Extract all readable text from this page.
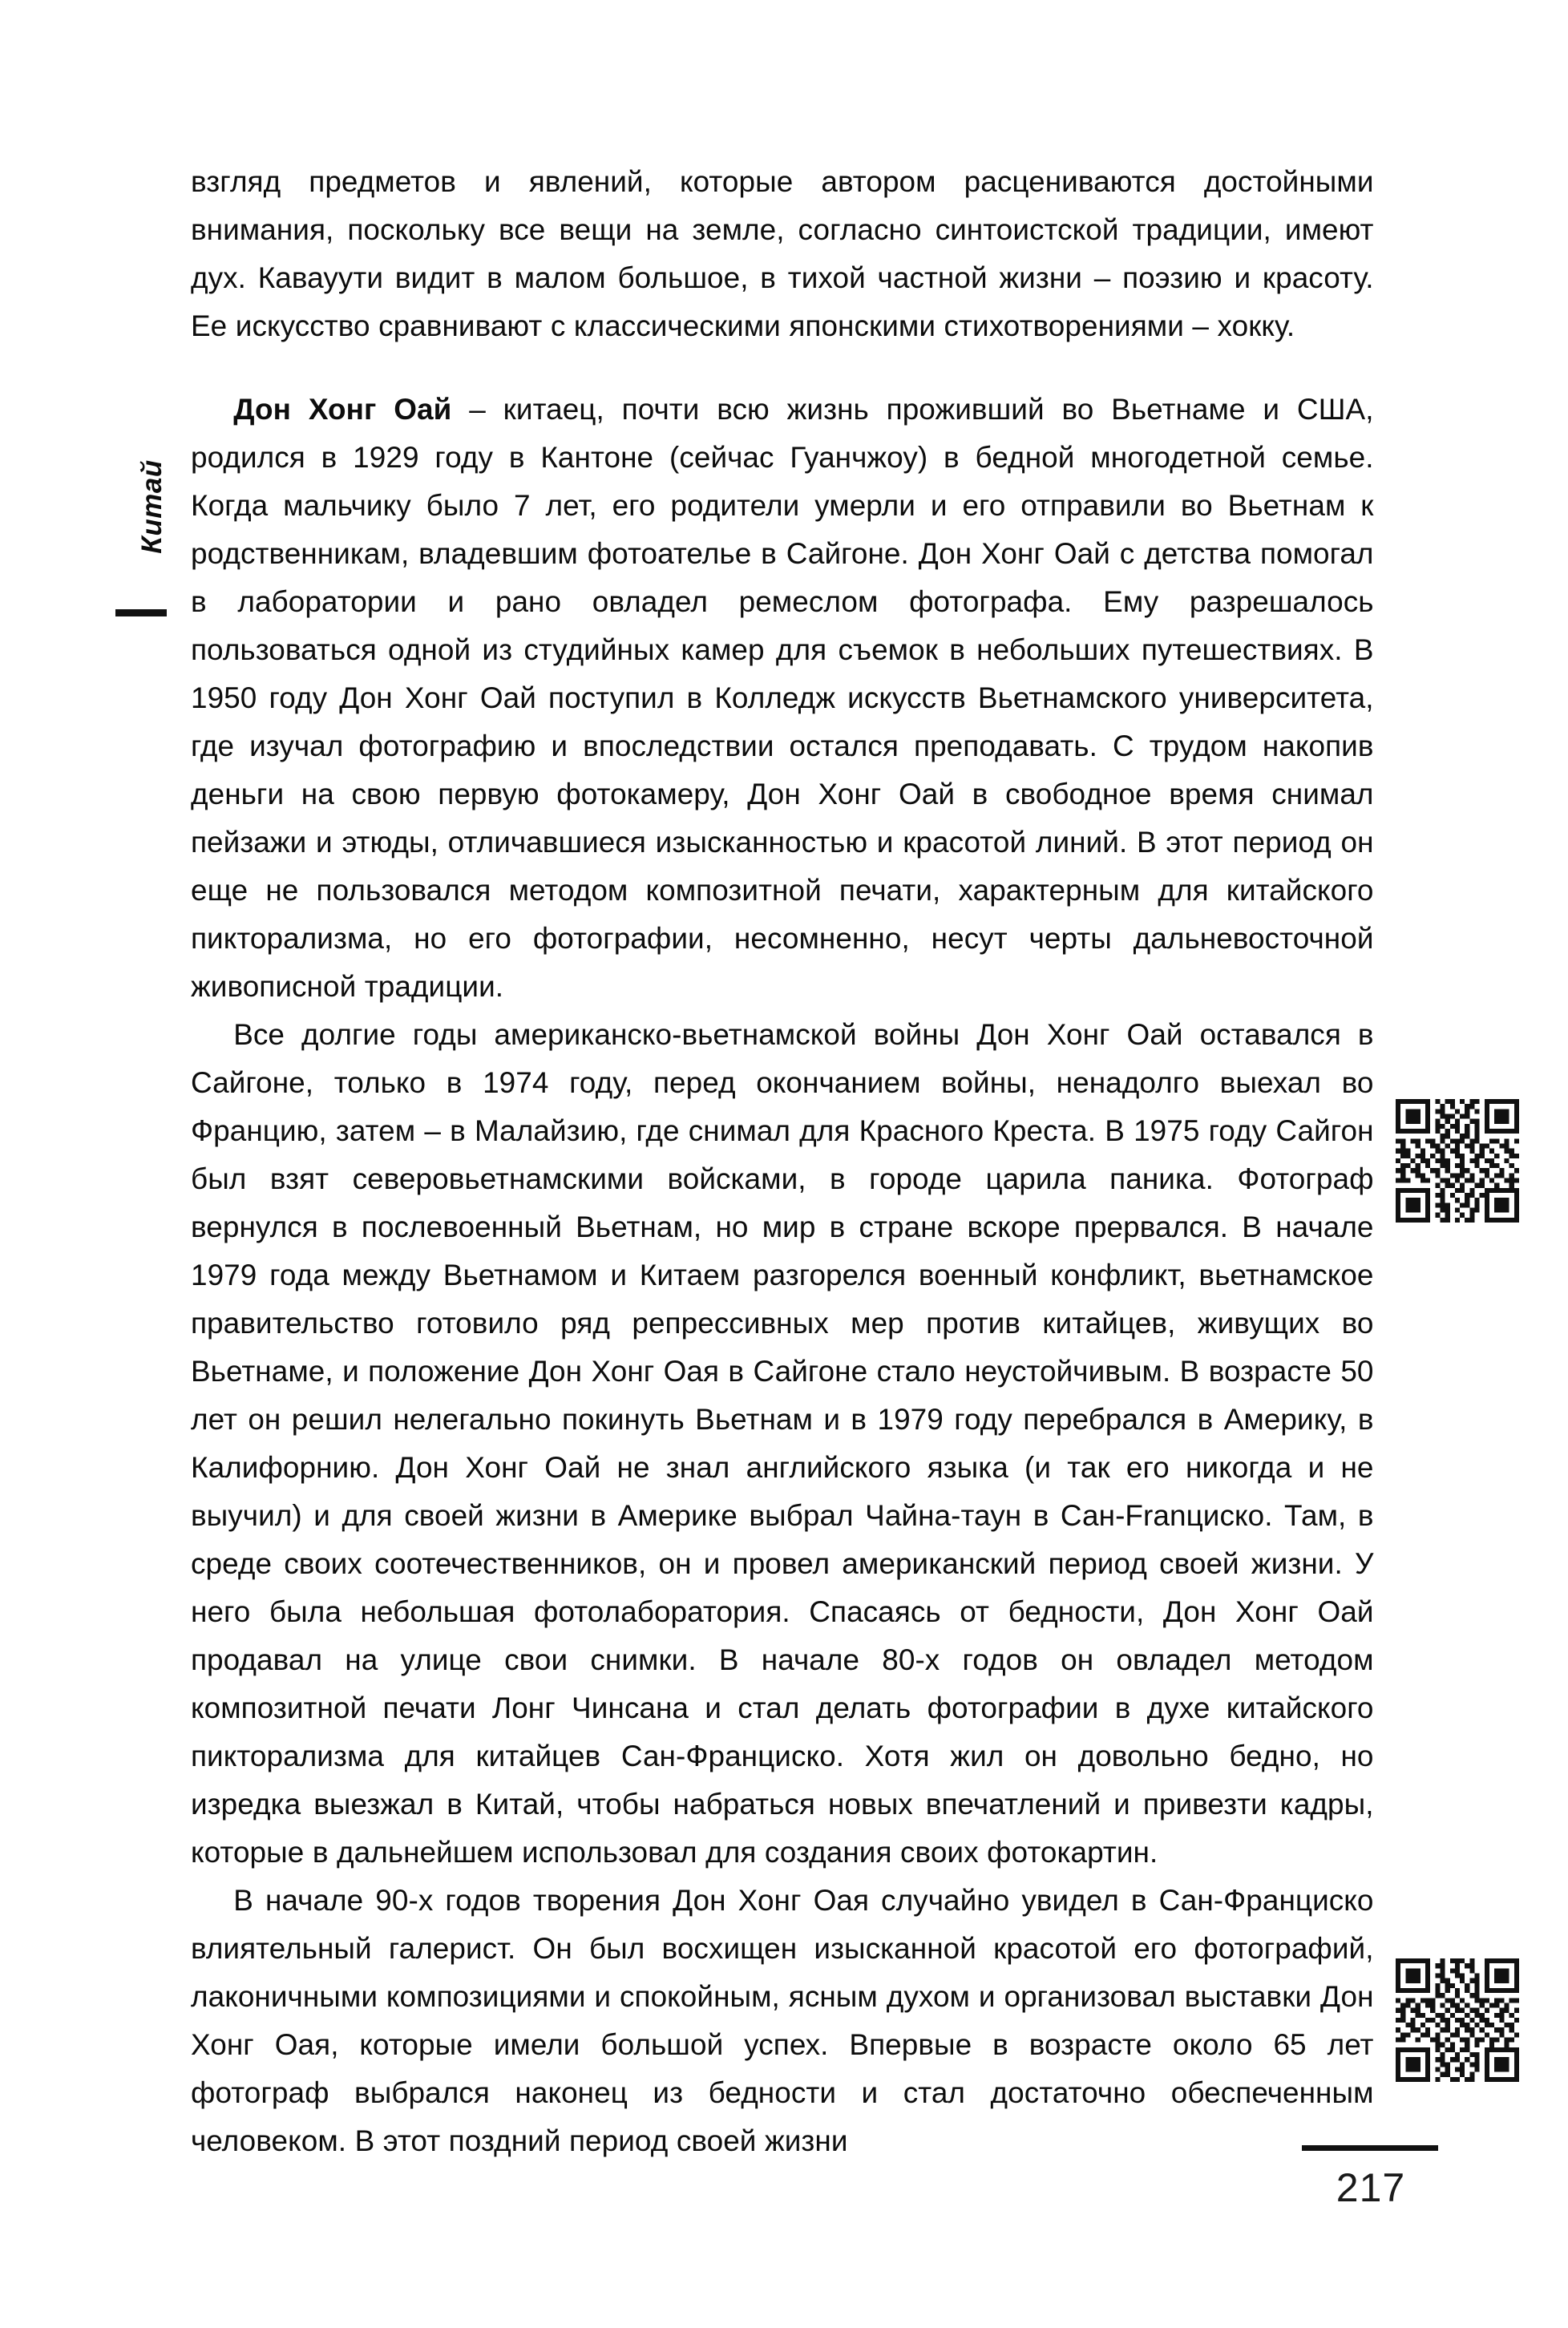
Китай

взгляд предметов и явлений, которые автором расцениваются достойными внимания, поскольку все вещи на земле, согласно синтоистской традиции, имеют дух. Кавауути видит в малом большое, в тихой частной жизни – поэзию и красоту. Ее искусство сравнивают с классическими японскими стихотворениями – хокку.

Дон Хонг Оай – китаец, почти всю жизнь проживший во Вьетнаме и США, родился в 1929 году в Кантоне (сейчас Гуанчжоу) в бедной многодетной семье. Когда мальчику было 7 лет, его родители умерли и его отправили во Вьетнам к родственникам, владевшим фотоателье в Сайгоне. Дон Хонг Оай с детства помогал в лаборатории и рано овладел ремеслом фотографа. Ему разрешалось пользоваться одной из студийных камер для съемок в небольших путешествиях. В 1950 году Дон Хонг Оай поступил в Колледж искусств Вьетнамского университета, где изучал фотографию и впоследствии остался преподавать. С трудом накопив деньги на свою первую фотокамеру, Дон Хонг Оай в свободное время снимал пейзажи и этюды, отличавшиеся изысканностью и красотой линий. В этот период он еще не пользовался методом композитной печати, характерным для китайского пикторализма, но его фотографии, несомненно, несут черты дальневосточной живописной традиции.

Все долгие годы американско-вьетнамской войны Дон Хонг Оай оставался в Сайгоне, только в 1974 году, перед окончанием войны, ненадолго выехал во Францию, затем – в Малайзию, где снимал для Красного Креста. В 1975 году Сайгон был взят северовьетнамскими войсками, в городе царила паника. Фотограф вернулся в послевоенный Вьетнам, но мир в стране вскоре прервался. В начале 1979 года между Вьетнамом и Китаем разгорелся военный конфликт, вьетнамское правительство готовило ряд репрессивных мер против китайцев, живущих во Вьетнаме, и положение Дон Хонг Оая в Сайгоне стало неустойчивым. В возрасте 50 лет он решил нелегально покинуть Вьетнам и в 1979 году перебрался в Америку, в Калифорнию. Дон Хонг Оай не знал английского языка (и так его никогда и не выучил) и для своей жизни в Америке выбрал Чайна-таун в Сан-Franциско. Там, в среде своих соотечественников, он и провел американский период своей жизни. У него была небольшая фотолаборатория. Спасаясь от бедности, Дон Хонг Оай продавал на улице свои снимки. В начале 80-х годов он овладел методом композитной печати Лонг Чинсана и стал делать фотографии в духе китайского пикторализма для китайцев Сан-Франциско. Хотя жил он довольно бедно, но изредка выезжал в Китай, чтобы набраться новых впечатлений и привезти кадры, которые в дальнейшем использовал для создания своих фотокартин.

В начале 90-х годов творения Дон Хонг Оая случайно увидел в Сан-Франциско влиятельный галерист. Он был восхищен изысканной красотой его фотографий, лаконичными композициями и спокойным, ясным духом и организовал выставки Дон Хонг Оая, которые имели большой успех. Впервые в возрасте около 65 лет фотограф выбрался наконец из бедности и стал достаточно обеспеченным человеком. В этот поздний период своей жизни

217
